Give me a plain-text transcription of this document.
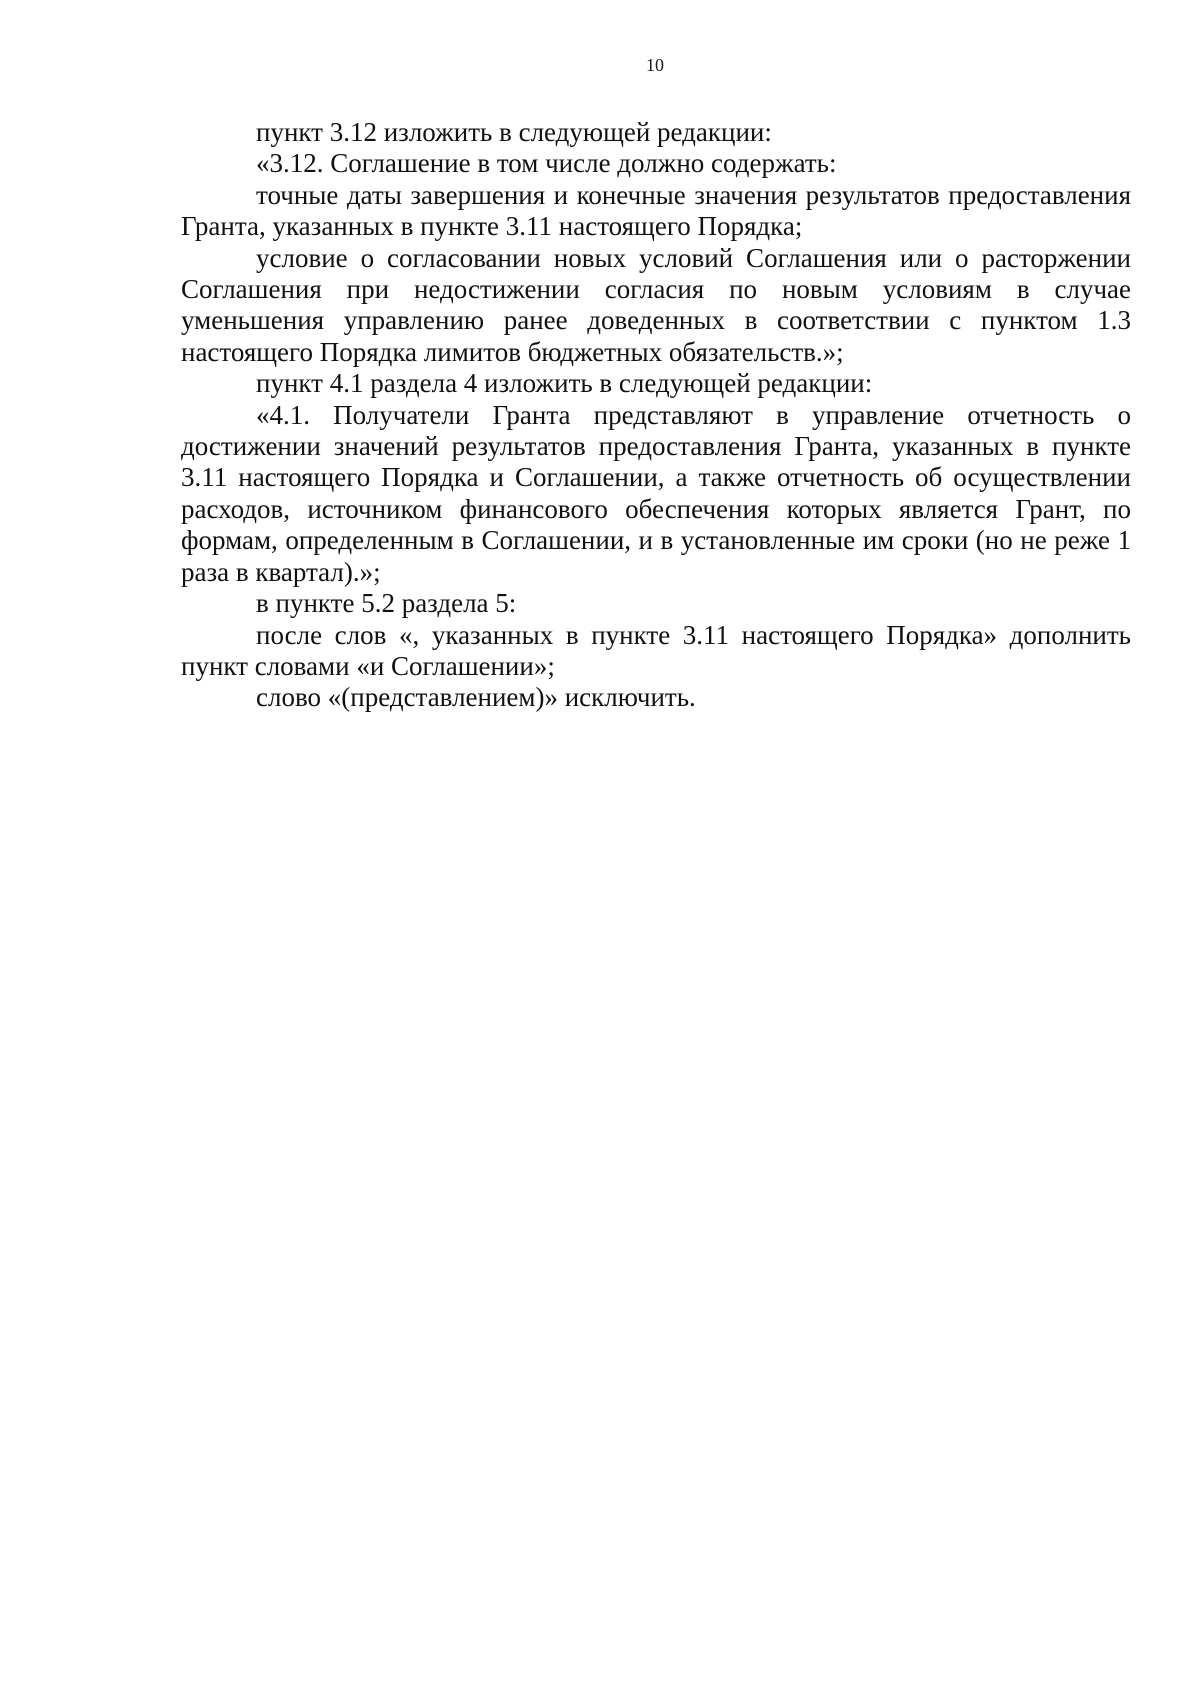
10

пункт 3.12 изложить в следующей редакции:

«3.12. Соглашение в том числе должно содержать:

точные даты завершения и конечные значения результатов предоставления Гранта, указанных в пункте 3.11 настоящего Порядка;

условие о согласовании новых условий Соглашения или о расторжении Соглашения при недостижении согласия по новым условиям в случае уменьшения управлению ранее доведенных в соответствии с пунктом 1.3 настоящего Порядка лимитов бюджетных обязательств.»;

пункт 4.1 раздела 4 изложить в следующей редакции:

«4.1. Получатели Гранта представляют в управление отчетность о достижении значений результатов предоставления Гранта, указанных в пункте 3.11 настоящего Порядка и Соглашении, а также отчетность об осуществлении расходов, источником финансового обеспечения которых является Грант, по формам, определенным в Соглашении, и в установленные им сроки (но не реже 1 раза в квартал).»;

в пункте 5.2 раздела 5:

после слов «, указанных в пункте 3.11 настоящего Порядка» дополнить пункт словами «и Соглашении»;

слово «(представлением)» исключить.
